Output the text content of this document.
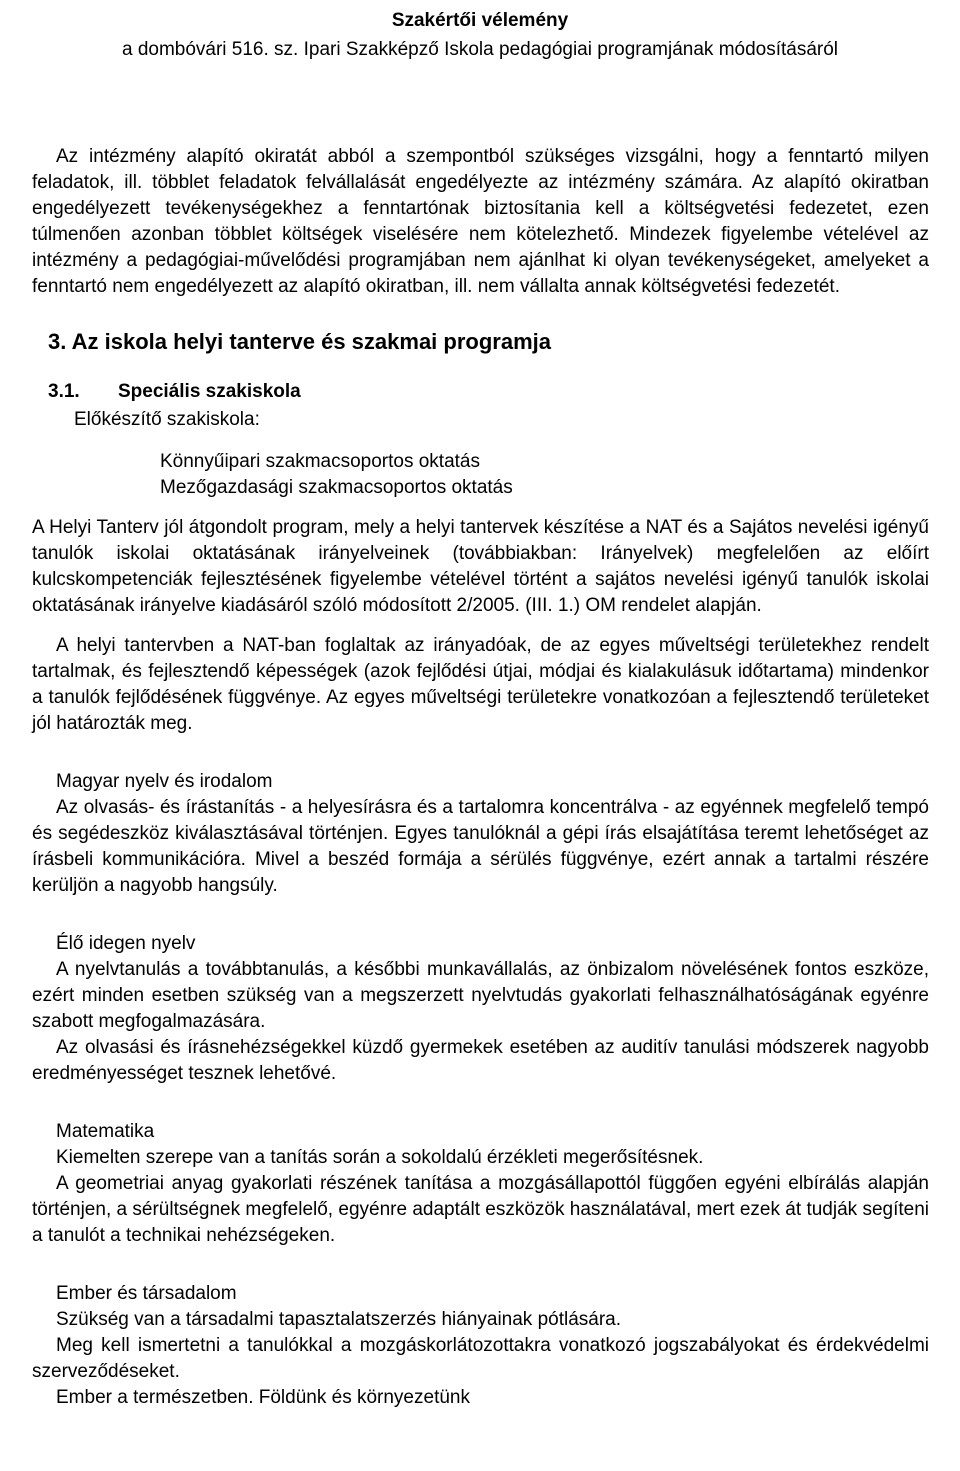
Szakértői vélemény
a dombóvári 516. sz. Ipari Szakképző Iskola pedagógiai programjának módosításáról

Az intézmény alapító okiratát abból a szempontból szükséges vizsgálni, hogy a fenntartó milyen feladatok, ill. többlet feladatok felvállalását engedélyezte az intézmény számára. Az alapító okiratban engedélyezett tevékenységekhez a fenntartónak biztosítania kell a költségvetési fedezetet, ezen túlmenően azonban többlet költségek viselésére nem kötelezhető. Mindezek figyelembe vételével az intézmény a pedagógiai-művelődési programjában nem ajánlhat ki olyan tevékenységeket, amelyeket a fenntartó nem engedélyezett az alapító okiratban, ill. nem vállalta annak költségvetési fedezetét.

3. Az iskola helyi tanterve és szakmai programja
3.1. Speciális szakiskola

Előkészítő szakiskola:

Könnyűipari szakmacsoportos oktatás

Mezőgazdasági szakmacsoportos oktatás

A Helyi Tanterv jól átgondolt program, mely a helyi tantervek készítése a NAT és a Sajátos nevelési igényű tanulók iskolai oktatásának irányelveinek (továbbiakban: Irányelvek) megfelelően az előírt kulcskompetenciák fejlesztésének figyelembe vételével történt a sajátos nevelési igényű tanulók iskolai oktatásának irányelve kiadásáról szóló módosított 2/2005. (III. 1.) OM rendelet alapján.

A helyi tantervben a NAT-ban foglaltak az irányadóak, de az egyes műveltségi területekhez rendelt tartalmak, és fejlesztendő képességek (azok fejlődési útjai, módjai és kialakulásuk időtartama) mindenkor a tanulók fejlődésének függvénye. Az egyes műveltségi területekre vonatkozóan a fejlesztendő területeket jól határozták meg.

Magyar nyelv és irodalom

Az olvasás- és írástanítás - a helyesírásra és a tartalomra koncentrálva - az egyénnek megfelelő tempó és segédeszköz kiválasztásával történjen. Egyes tanulóknál a gépi írás elsajátítása teremt lehetőséget az írásbeli kommunikációra. Mivel a beszéd formája a sérülés függvénye, ezért annak a tartalmi részére kerüljön a nagyobb hangsúly.

Élő idegen nyelv

A nyelvtanulás a továbbtanulás, a későbbi munkavállalás, az önbizalom növelésének fontos eszköze, ezért minden esetben szükség van a megszerzett nyelvtudás gyakorlati felhasználhatóságának egyénre szabott megfogalmazására.

Az olvasási és írásnehézségekkel küzdő gyermekek esetében az auditív tanulási módszerek nagyobb eredményességet tesznek lehetővé.

Matematika

Kiemelten szerepe van a tanítás során a sokoldalú érzékleti megerősítésnek.

A geometriai anyag gyakorlati részének tanítása a mozgásállapottól függően egyéni elbírálás alapján történjen, a sérültségnek megfelelő, egyénre adaptált eszközök használatával, mert ezek át tudják segíteni a tanulót a technikai nehézségeken.

Ember és társadalom

Szükség van a társadalmi tapasztalatszerzés hiányainak pótlására.

Meg kell ismertetni a tanulókkal a mozgáskorlátozottakra vonatkozó jogszabályokat és érdekvédelmi szerveződéseket.

Ember a természetben. Földünk és környezetünk
